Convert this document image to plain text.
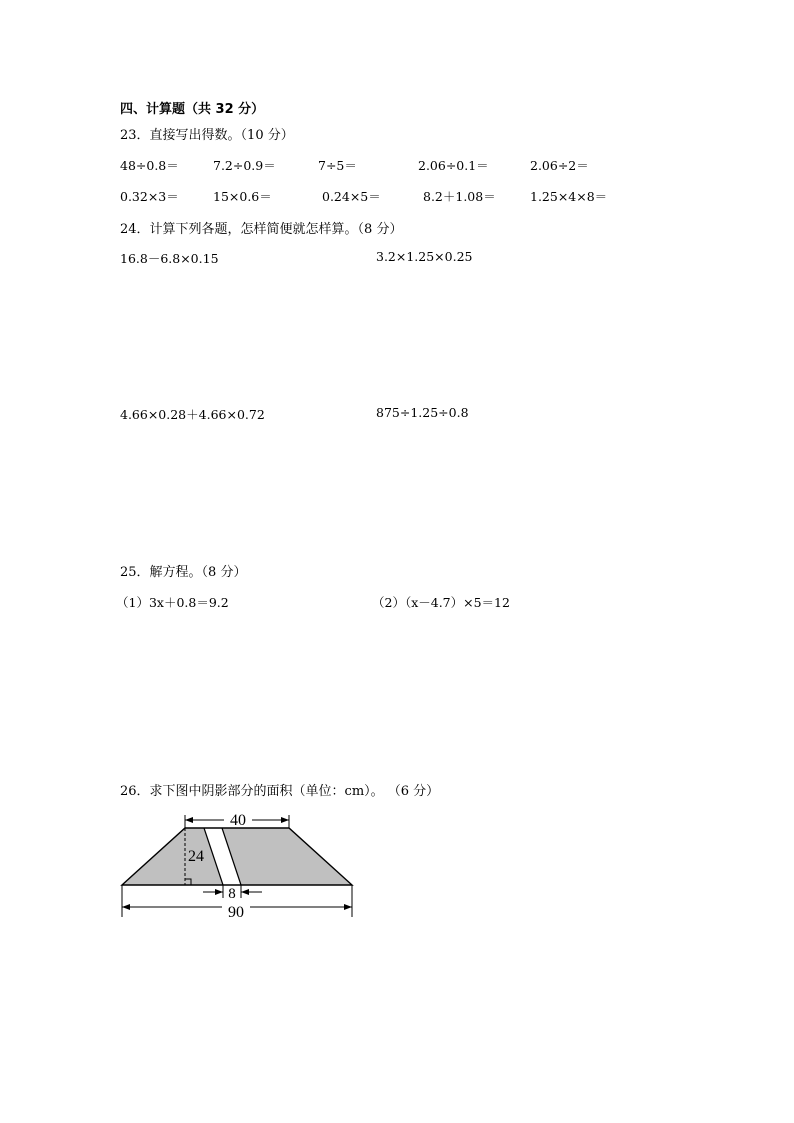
四、计算题（共 32 分）
23．直接写出得数。（10 分）
48÷0.8＝	7.2÷0.9＝	7÷5＝	2.06÷0.1＝	2.06÷2＝
0.32×3＝	15×0.6＝	0.24×5＝	8.2＋1.08＝	1.25×4×8＝
24．计算下列各题，怎样简便就怎样算。（8 分）
16.8－6.8×0.15	3.2×1.25×0.25
4.66×0.28＋4.66×0.72	875÷1.25÷0.8
25．解方程。（8 分）
（1）3x＋0.8＝9.2	（2）（x－4.7）×5＝12
26．求下图中阴影部分的面积（单位：cm）。 （6 分）
40
24
8
90
